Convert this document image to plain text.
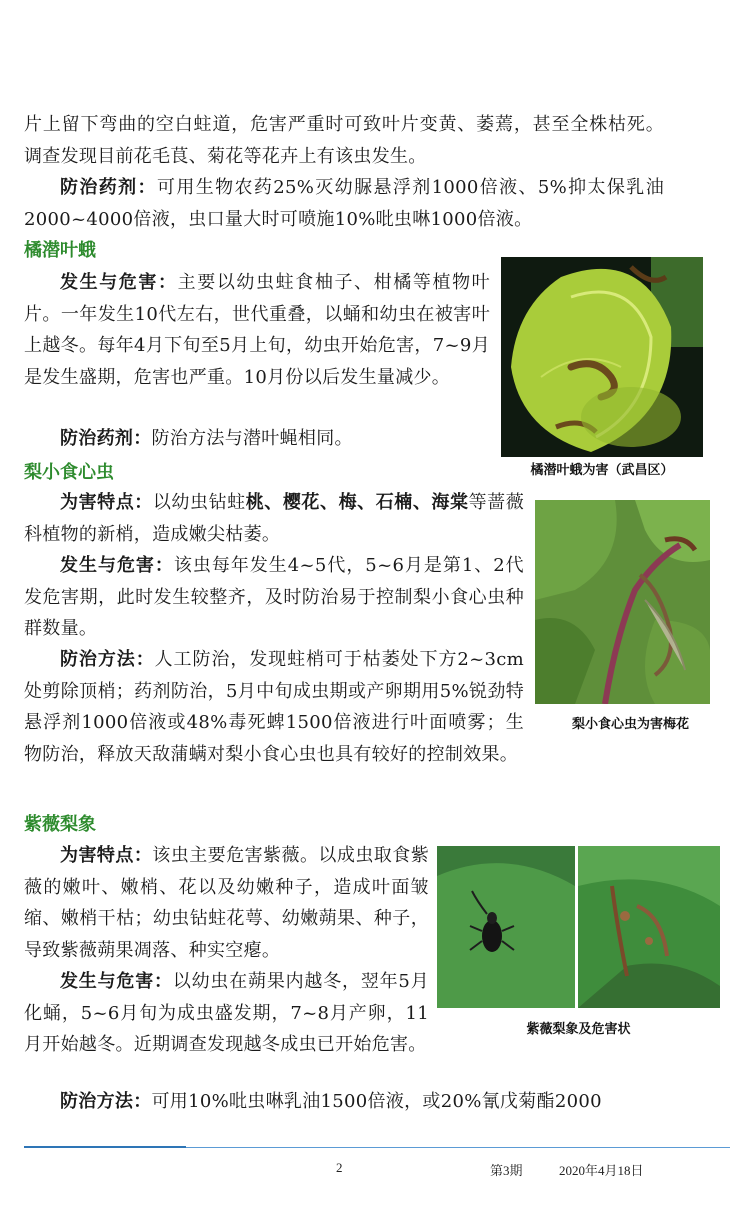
片上留下弯曲的空白蛀道，危害严重时可致叶片变黄、萎蔫，甚至全株枯死。调查发现目前花毛茛、菊花等花卉上有该虫发生。

防治药剂：可用生物农药25%灭幼脲悬浮剂1000倍液、5%抑太保乳油2000~4000倍液，虫口量大时可喷施10%吡虫啉1000倍液。

橘潜叶蛾

发生与危害：主要以幼虫蛀食柚子、柑橘等植物叶片。一年发生10代左右，世代重叠，以蛹和幼虫在被害叶上越冬。每年4月下旬至5月上旬，幼虫开始危害，7~9月是发生盛期，危害也严重。10月份以后发生量减少。

防治药剂：防治方法与潜叶蝇相同。

橘潜叶蛾为害（武昌区）

梨小食心虫

为害特点：以幼虫钻蛀桃、樱花、梅、石楠、海棠等蔷薇科植物的新梢，造成嫩尖枯萎。

发生与危害：该虫每年发生4~5代，5~6月是第1、2代发危害期，此时发生较整齐，及时防治易于控制梨小食心虫种群数量。

防治方法：人工防治，发现蛀梢可于枯萎处下方2~3cm处剪除顶梢；药剂防治，5月中旬成虫期或产卵期用5%锐劲特悬浮剂1000倍液或48%毒死蜱1500倍液进行叶面喷雾；生物防治，释放天敌蒲螨对梨小食心虫也具有较好的控制效果。

梨小食心虫为害梅花

紫薇梨象

为害特点：该虫主要危害紫薇。以成虫取食紫薇的嫩叶、嫩梢、花以及幼嫩种子，造成叶面皱缩、嫩梢干枯；幼虫钻蛀花萼、幼嫩蒴果、种子，导致紫薇蒴果凋落、种实空瘪。

发生与危害：以幼虫在蒴果内越冬，翌年5月化蛹，5~6月旬为成虫盛发期，7~8月产卵，11月开始越冬。近期调查发现越冬成虫已开始危害。

防治方法：可用10%吡虫啉乳油1500倍液，或20%氰戊菊酯2000

紫薇梨象及危害状

2	第3期	2020年4月18日
